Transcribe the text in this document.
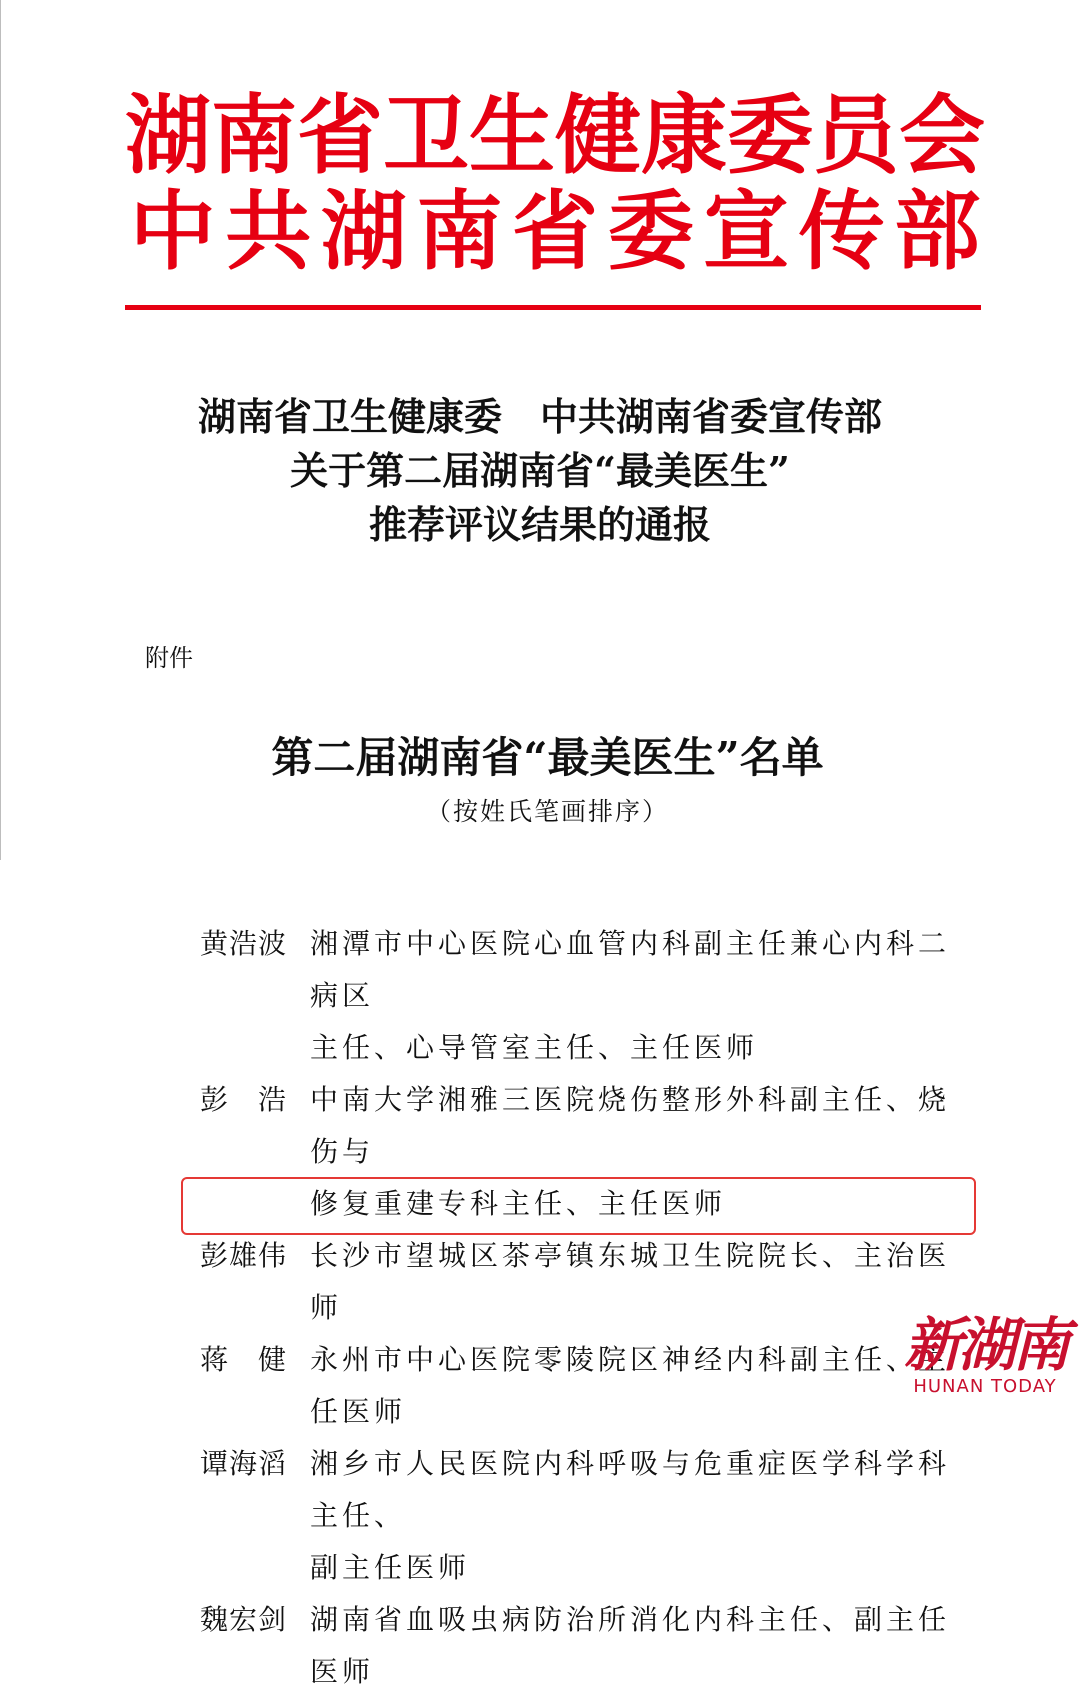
湖 南 省 卫 生 健 康 委 员 会
中 共 湖 南 省 委 宣 传 部
湖南省卫生健康委　中共湖南省委宣传部
关于第二届湖南省“最美医生”
推荐评议结果的通报
附件
第二届湖南省“最美医生”名单
（按姓氏笔画排序）
黄浩波 湘潭市中心医院心血管内科副主任兼心内科二病区
主任、心导管室主任、主任医师
彭　浩 中南大学湘雅三医院烧伤整形外科副主任、烧伤与
修复重建专科主任、主任医师
彭雄伟 长沙市望城区茶亭镇东城卫生院院长、主治医师
蒋　健 永州市中心医院零陵院区神经内科副主任、主任医师
谭海滔 湘乡市人民医院内科呼吸与危重症医学科学科主任、
副主任医师
魏宏剑 湖南省血吸虫病防治所消化内科主任、副主任医师
新湖南
HUNAN TODAY
